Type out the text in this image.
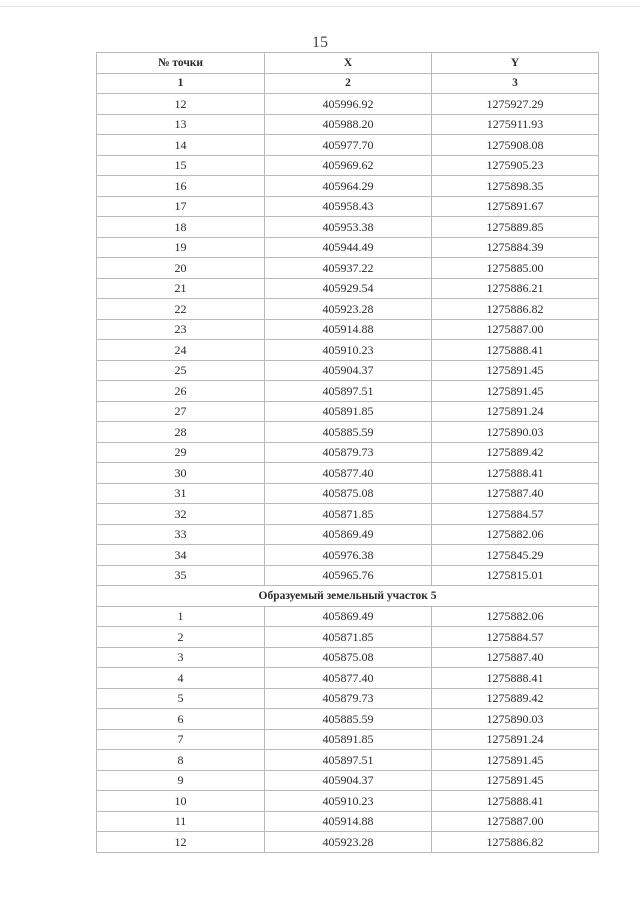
15
№ точки	X	Y
1	2	3
12	405996.92	1275927.29
13	405988.20	1275911.93
14	405977.70	1275908.08
15	405969.62	1275905.23
16	405964.29	1275898.35
17	405958.43	1275891.67
18	405953.38	1275889.85
19	405944.49	1275884.39
20	405937.22	1275885.00
21	405929.54	1275886.21
22	405923.28	1275886.82
23	405914.88	1275887.00
24	405910.23	1275888.41
25	405904.37	1275891.45
26	405897.51	1275891.45
27	405891.85	1275891.24
28	405885.59	1275890.03
29	405879.73	1275889.42
30	405877.40	1275888.41
31	405875.08	1275887.40
32	405871.85	1275884.57
33	405869.49	1275882.06
34	405976.38	1275845.29
35	405965.76	1275815.01
Образуемый земельный участок 5		
1	405869.49	1275882.06
2	405871.85	1275884.57
3	405875.08	1275887.40
4	405877.40	1275888.41
5	405879.73	1275889.42
6	405885.59	1275890.03
7	405891.85	1275891.24
8	405897.51	1275891.45
9	405904.37	1275891.45
10	405910.23	1275888.41
11	405914.88	1275887.00
12	405923.28	1275886.82
